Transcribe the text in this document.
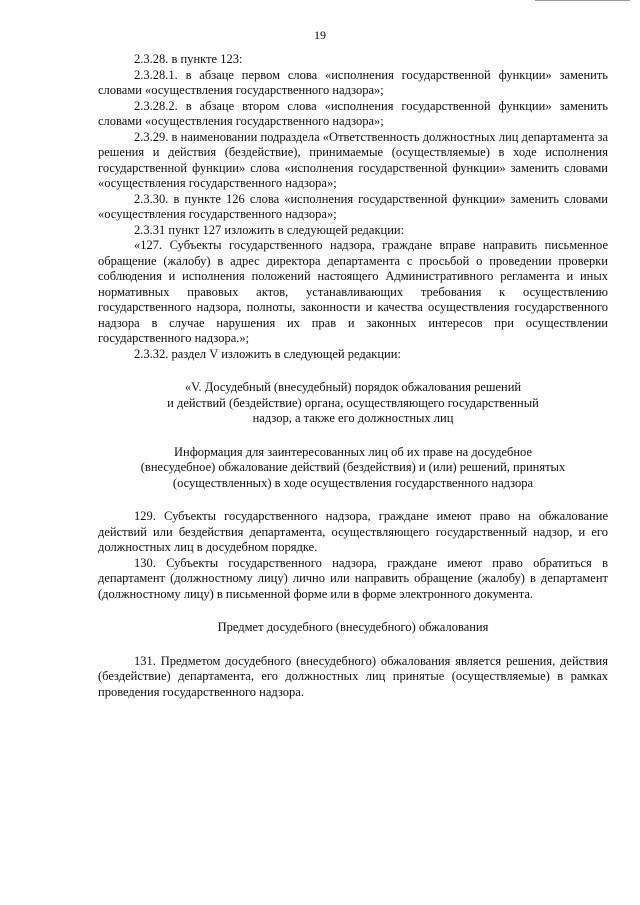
19

2.3.28. в пункте 123:

2.3.28.1. в абзаце первом слова «исполнения государственной функции» заменить словами «осуществления государственного надзора»;

2.3.28.2. в абзаце втором слова «исполнения государственной функции» заменить словами «осуществления государственного надзора»;

2.3.29. в наименовании подраздела «Ответственность должностных лиц департамента за решения и действия (бездействие), принимаемые (осуществляемые) в ходе исполнения государственной функции» слова «исполнения государственной функции» заменить словами «осуществления государственного надзора»;

2.3.30. в пункте 126 слова «исполнения государственной функции» заменить словами «осуществления государственного надзора»;

2.3.31 пункт 127 изложить в следующей редакции:

«127. Субъекты государственного надзора, граждане вправе направить письменное обращение (жалобу) в адрес директора департамента с просьбой о проведении проверки соблюдения и исполнения положений настоящего Административного регламента и иных нормативных правовых актов, устанавливающих требования к осуществлению государственного надзора, полноты, законности и качества осуществления государственного надзора в случае нарушения их прав и законных интересов при осуществлении государственного надзора.»;

2.3.32. раздел V изложить в следующей редакции:

«V. Досудебный (внесудебный) порядок обжалования решений

и действий (бездействие) органа, осуществляющего государственный

надзор, а также его должностных лиц

Информация для заинтересованных лиц об их праве на досудебное

(внесудебное) обжалование действий (бездействия) и (или) решений, принятых

(осуществленных) в ходе осуществления государственного надзора

129. Субъекты государственного надзора, граждане имеют право на обжалование действий или бездействия департамента, осуществляющего государственный надзор, и его должностных лиц в досудебном порядке.

130. Субъекты государственного надзора, граждане имеют право обратиться в департамент (должностному лицу) лично или направить обращение (жалобу) в департамент (должностному лицу) в письменной форме или в форме электронного документа.

Предмет досудебного (внесудебного) обжалования

131. Предметом досудебного (внесудебного) обжалования является решения, действия (бездействие) департамента, его должностных лиц принятые (осуществляемые) в рамках проведения государственного надзора.
